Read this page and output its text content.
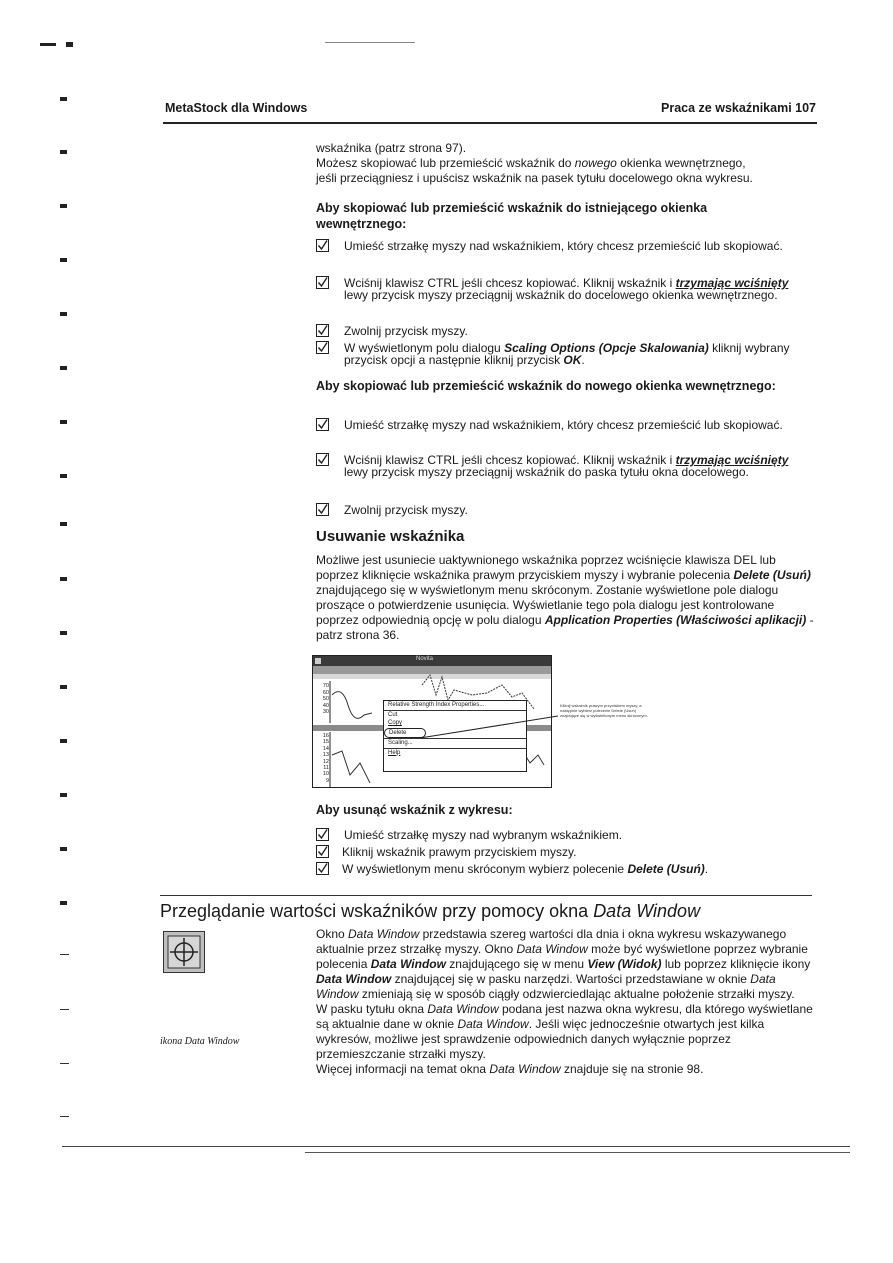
MetaStock dla Windows	Praca ze wskaźnikami 107

wskaźnika (patrz strona 97).

Możesz skopiować lub przemieścić wskaźnik do nowego okienka wewnętrznego,

jeśli przeciągniesz i upuścisz wskaźnik na pasek tytułu docelowego okna wykresu.

Aby skopiować lub przemieścić wskaźnik do istniejącego okienka wewnętrznego:
Umieść strzałkę myszy nad wskaźnikiem, który chcesz przemieścić lub skopiować.
Wciśnij klawisz CTRL jeśli chcesz kopiować. Kliknij wskaźnik i trzymając wciśnięty lewy przycisk myszy przeciągnij wskaźnik do docelowego okienka wewnętrznego.
Zwolnij przycisk myszy.
W wyświetlonym polu dialogu Scaling Options (Opcje Skalowania) kliknij wybrany przycisk opcji a następnie kliknij przycisk OK.
Aby skopiować lub przemieścić wskaźnik do nowego okienka wewnętrznego:
Umieść strzałkę myszy nad wskaźnikiem, który chcesz przemieścić lub skopiować.
Wciśnij klawisz CTRL jeśli chcesz kopiować. Kliknij wskaźnik i trzymając wciśnięty lewy przycisk myszy przeciągnij wskaźnik do paska tytułu okna docelowego.
Zwolnij przycisk myszy.
Usuwanie wskaźnika

Możliwe jest usuniecie uaktywnionego wskaźnika poprzez wciśnięcie klawisza DEL lub poprzez kliknięcie wskaźnika prawym przyciskiem myszy i wybranie polecenia Delete (Usuń) znajdującego się w wyświetlonym menu skróconym. Zostanie wyświetlone pole dialogu proszące o potwierdzenie usunięcia. Wyświetlanie tego pola dialogu jest kontrolowane poprzez odpowiednią opcję w polu dialogu Application Properties (Właściwości aplikacji) - patrz strona 36.

Novita
70
60
50
40
30
16
15
14
13
12
11
10
9
Relative Strength Index Properties...
Cut
Copy
Delete
Scaling...
Help
Kliknij wskaźnik prawym przyciskiem myszy, a następnie wybierz polecenie Delete (Usuń) znajdujące się w wyświetlonym menu skróconym.
Aby usunąć wskaźnik z wykresu:
Umieść strzałkę myszy nad wybranym wskaźnikiem.
Kliknij wskaźnik prawym przyciskiem myszy.
W wyświetlonym menu skróconym wybierz polecenie Delete (Usuń).
Przeglądanie wartości wskaźników przy pomocy okna Data Window
ikona Data Window

Okno Data Window przedstawia szereg wartości dla dnia i okna wykresu wskazywanego aktualnie przez strzałkę myszy. Okno Data Window może być wyświetlone poprzez wybranie polecenia Data Window znajdującego się w menu View (Widok) lub poprzez kliknięcie ikony Data Window znajdującej się w pasku narzędzi. Wartości przedstawiane w oknie Data Window zmieniają się w sposób ciągły odzwierciedlając aktualne położenie strzałki myszy.

W pasku tytułu okna Data Window podana jest nazwa okna wykresu, dla którego wyświetlane są aktualnie dane w oknie Data Window. Jeśli więc jednocześnie otwartych jest kilka wykresów, możliwe jest sprawdzenie odpowiednich danych wyłącznie poprzez przemieszczanie strzałki myszy.

Więcej informacji na temat okna Data Window znajduje się na stronie 98.
